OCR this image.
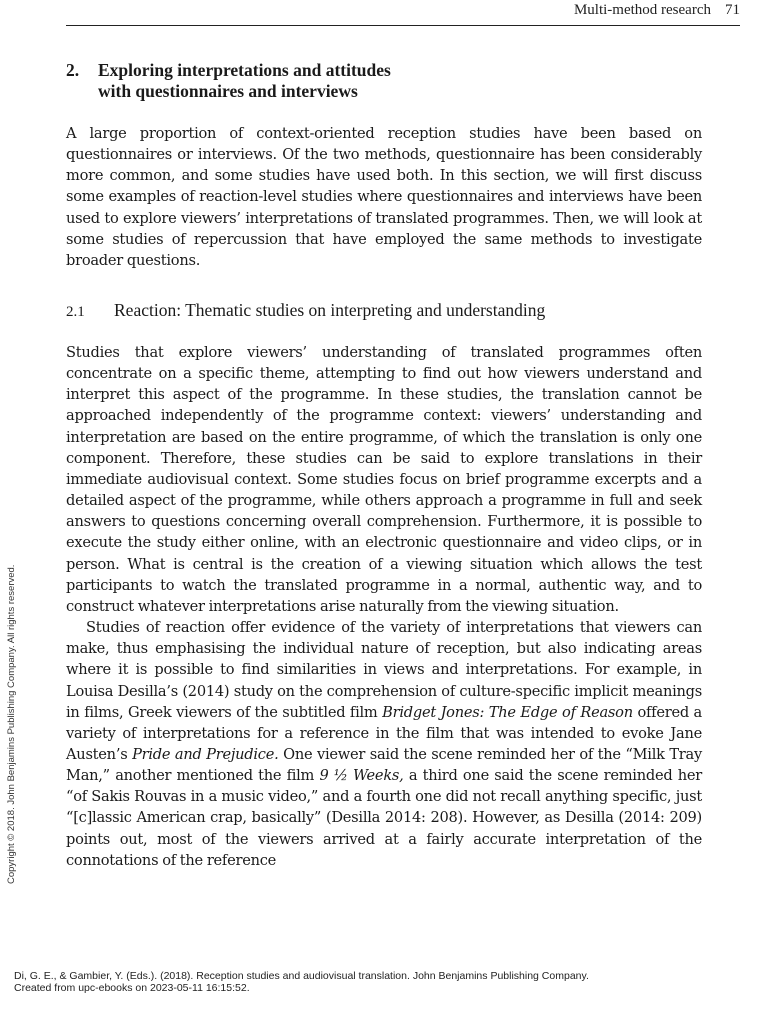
Multi-method research 71
2. Exploring interpretations and attitudes
with questionnaires and interviews

A large proportion of context-oriented reception studies have been based on questionnaires or interviews. Of the two methods, questionnaire has been considerably more common, and some studies have used both. In this section, we will first discuss some examples of reaction-level studies where questionnaires and interviews have been used to explore viewers’ interpretations of translated programmes. Then, we will look at some studies of repercussion that have employed the same methods to investigate broader questions.

2.1 Reaction: Thematic studies on interpreting and understanding

Studies that explore viewers’ understanding of translated programmes often concentrate on a specific theme, attempting to find out how viewers understand and interpret this aspect of the programme. In these studies, the translation cannot be approached independently of the programme context: viewers’ understanding and interpretation are based on the entire programme, of which the translation is only one component. Therefore, these studies can be said to explore translations in their immediate audiovisual context. Some studies focus on brief programme excerpts and a detailed aspect of the programme, while others approach a programme in full and seek answers to questions concerning overall comprehension. Furthermore, it is possible to execute the study either online, with an electronic questionnaire and video clips, or in person. What is central is the creation of a viewing situation which allows the test participants to watch the translated programme in a normal, authentic way, and to construct whatever interpretations arise naturally from the viewing situation.

Studies of reaction offer evidence of the variety of interpretations that viewers can make, thus emphasising the individual nature of reception, but also indicating areas where it is possible to find similarities in views and interpretations. For example, in Louisa Desilla’s (2014) study on the comprehension of culture-specific implicit meanings in films, Greek viewers of the subtitled film Bridget Jones: The Edge of Reason offered a variety of interpretations for a reference in the film that was intended to evoke Jane Austen’s Pride and Prejudice. One viewer said the scene reminded her of the “Milk Tray Man,” another mentioned the film 9 ½ Weeks, a third one said the scene reminded her “of Sakis Rouvas in a music video,” and a fourth one did not recall anything specific, just “[c]lassic American crap, basically” (Desilla 2014: 208). However, as Desilla (2014: 209) points out, most of the viewers arrived at a fairly accurate interpretation of the connotations of the reference

Copyright © 2018. John Benjamins Publishing Company. All rights reserved.
Di, G. E., & Gambier, Y. (Eds.). (2018). Reception studies and audiovisual translation. John Benjamins Publishing Company.
Created from upc-ebooks on 2023-05-11 16:15:52.
